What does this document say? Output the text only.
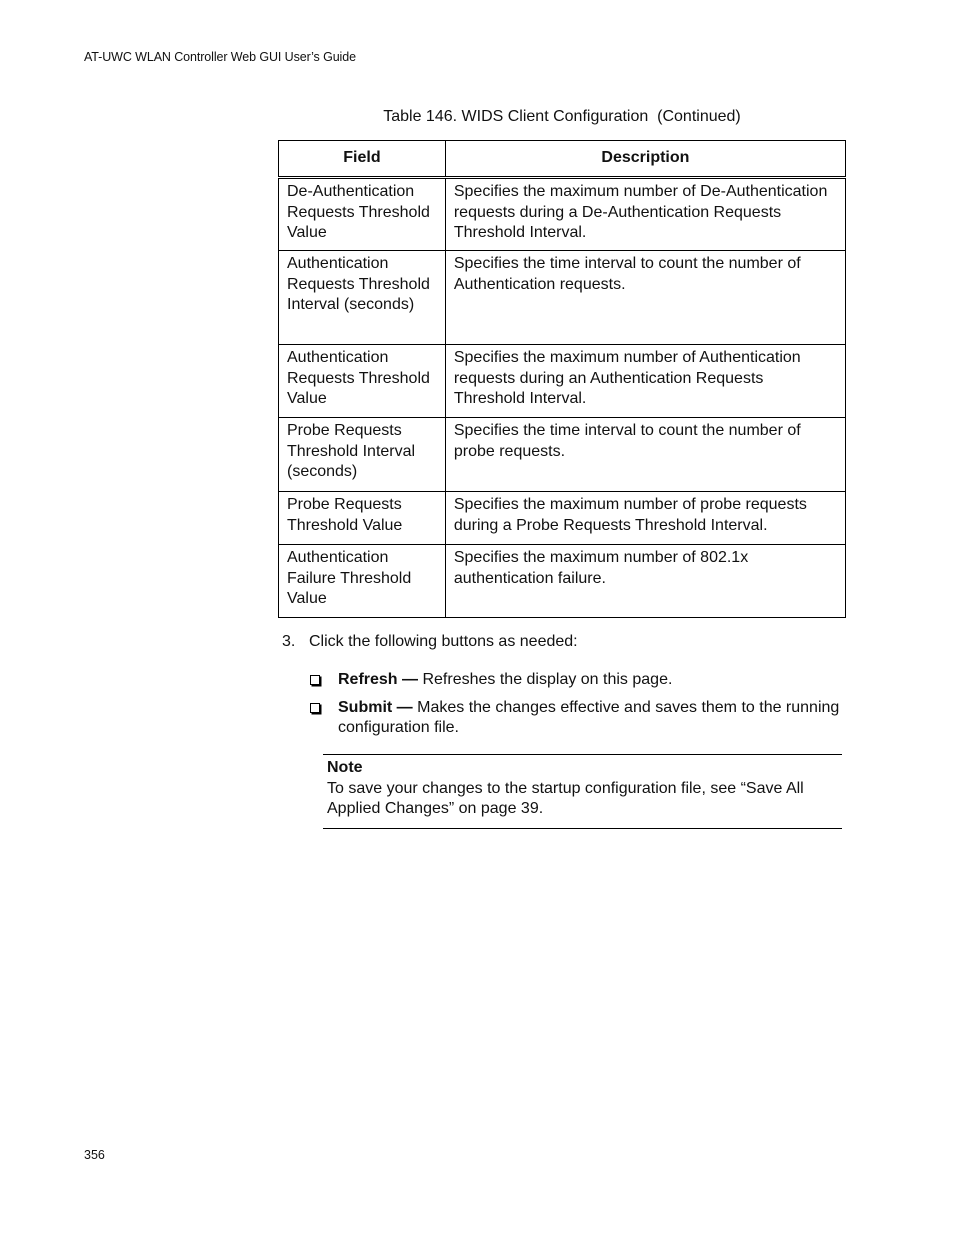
AT-UWC WLAN Controller Web GUI User’s Guide
Table 146. WIDS Client Configuration  (Continued)
Field	Description
De-Authentication Requests Threshold Value	Specifies the maximum number of De-Authentication requests during a De-Authentication Requests Threshold Interval.
Authentication Requests Threshold Interval (seconds)	Specifies the time interval to count the number of Authentication requests.
Authentication Requests Threshold Value	Specifies the maximum number of Authentication requests during an Authentication Requests Threshold Interval.
Probe Requests Threshold Interval (seconds)	Specifies the time interval to count the number of probe requests.
Probe Requests Threshold Value	Specifies the maximum number of probe requests during a Probe Requests Threshold Interval.
Authentication Failure Threshold Value	Specifies the maximum number of 802.1x authentication failure.
3. Click the following buttons as needed:
Refresh — Refreshes the display on this page.
Submit — Makes the changes effective and saves them to the running configuration file.
Note
To save your changes to the startup configuration file, see “Save All Applied Changes” on page 39.
356
